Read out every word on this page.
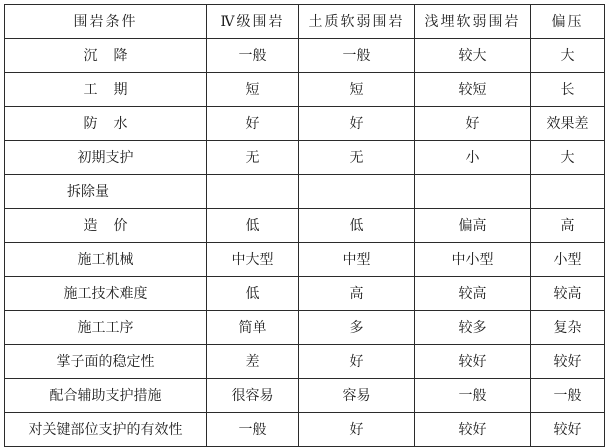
围岩条件	Ⅳ级围岩	土质软弱围岩	浅埋软弱围岩	偏压
沉降	一般	一般	较大	大
工期	短	短	较短	长
防水	好	好	好	效果差
初期支护	无	无	小	大
拆除量				
造价	低	低	偏高	高
施工机械	中大型	中型	中小型	小型
施工技术难度	低	高	较高	较高
施工工序	简单	多	较多	复杂
掌子面的稳定性	差	好	较好	较好
配合辅助支护措施	很容易	容易	一般	一般
对关键部位支护的有效性	一般	好	较好	较好
